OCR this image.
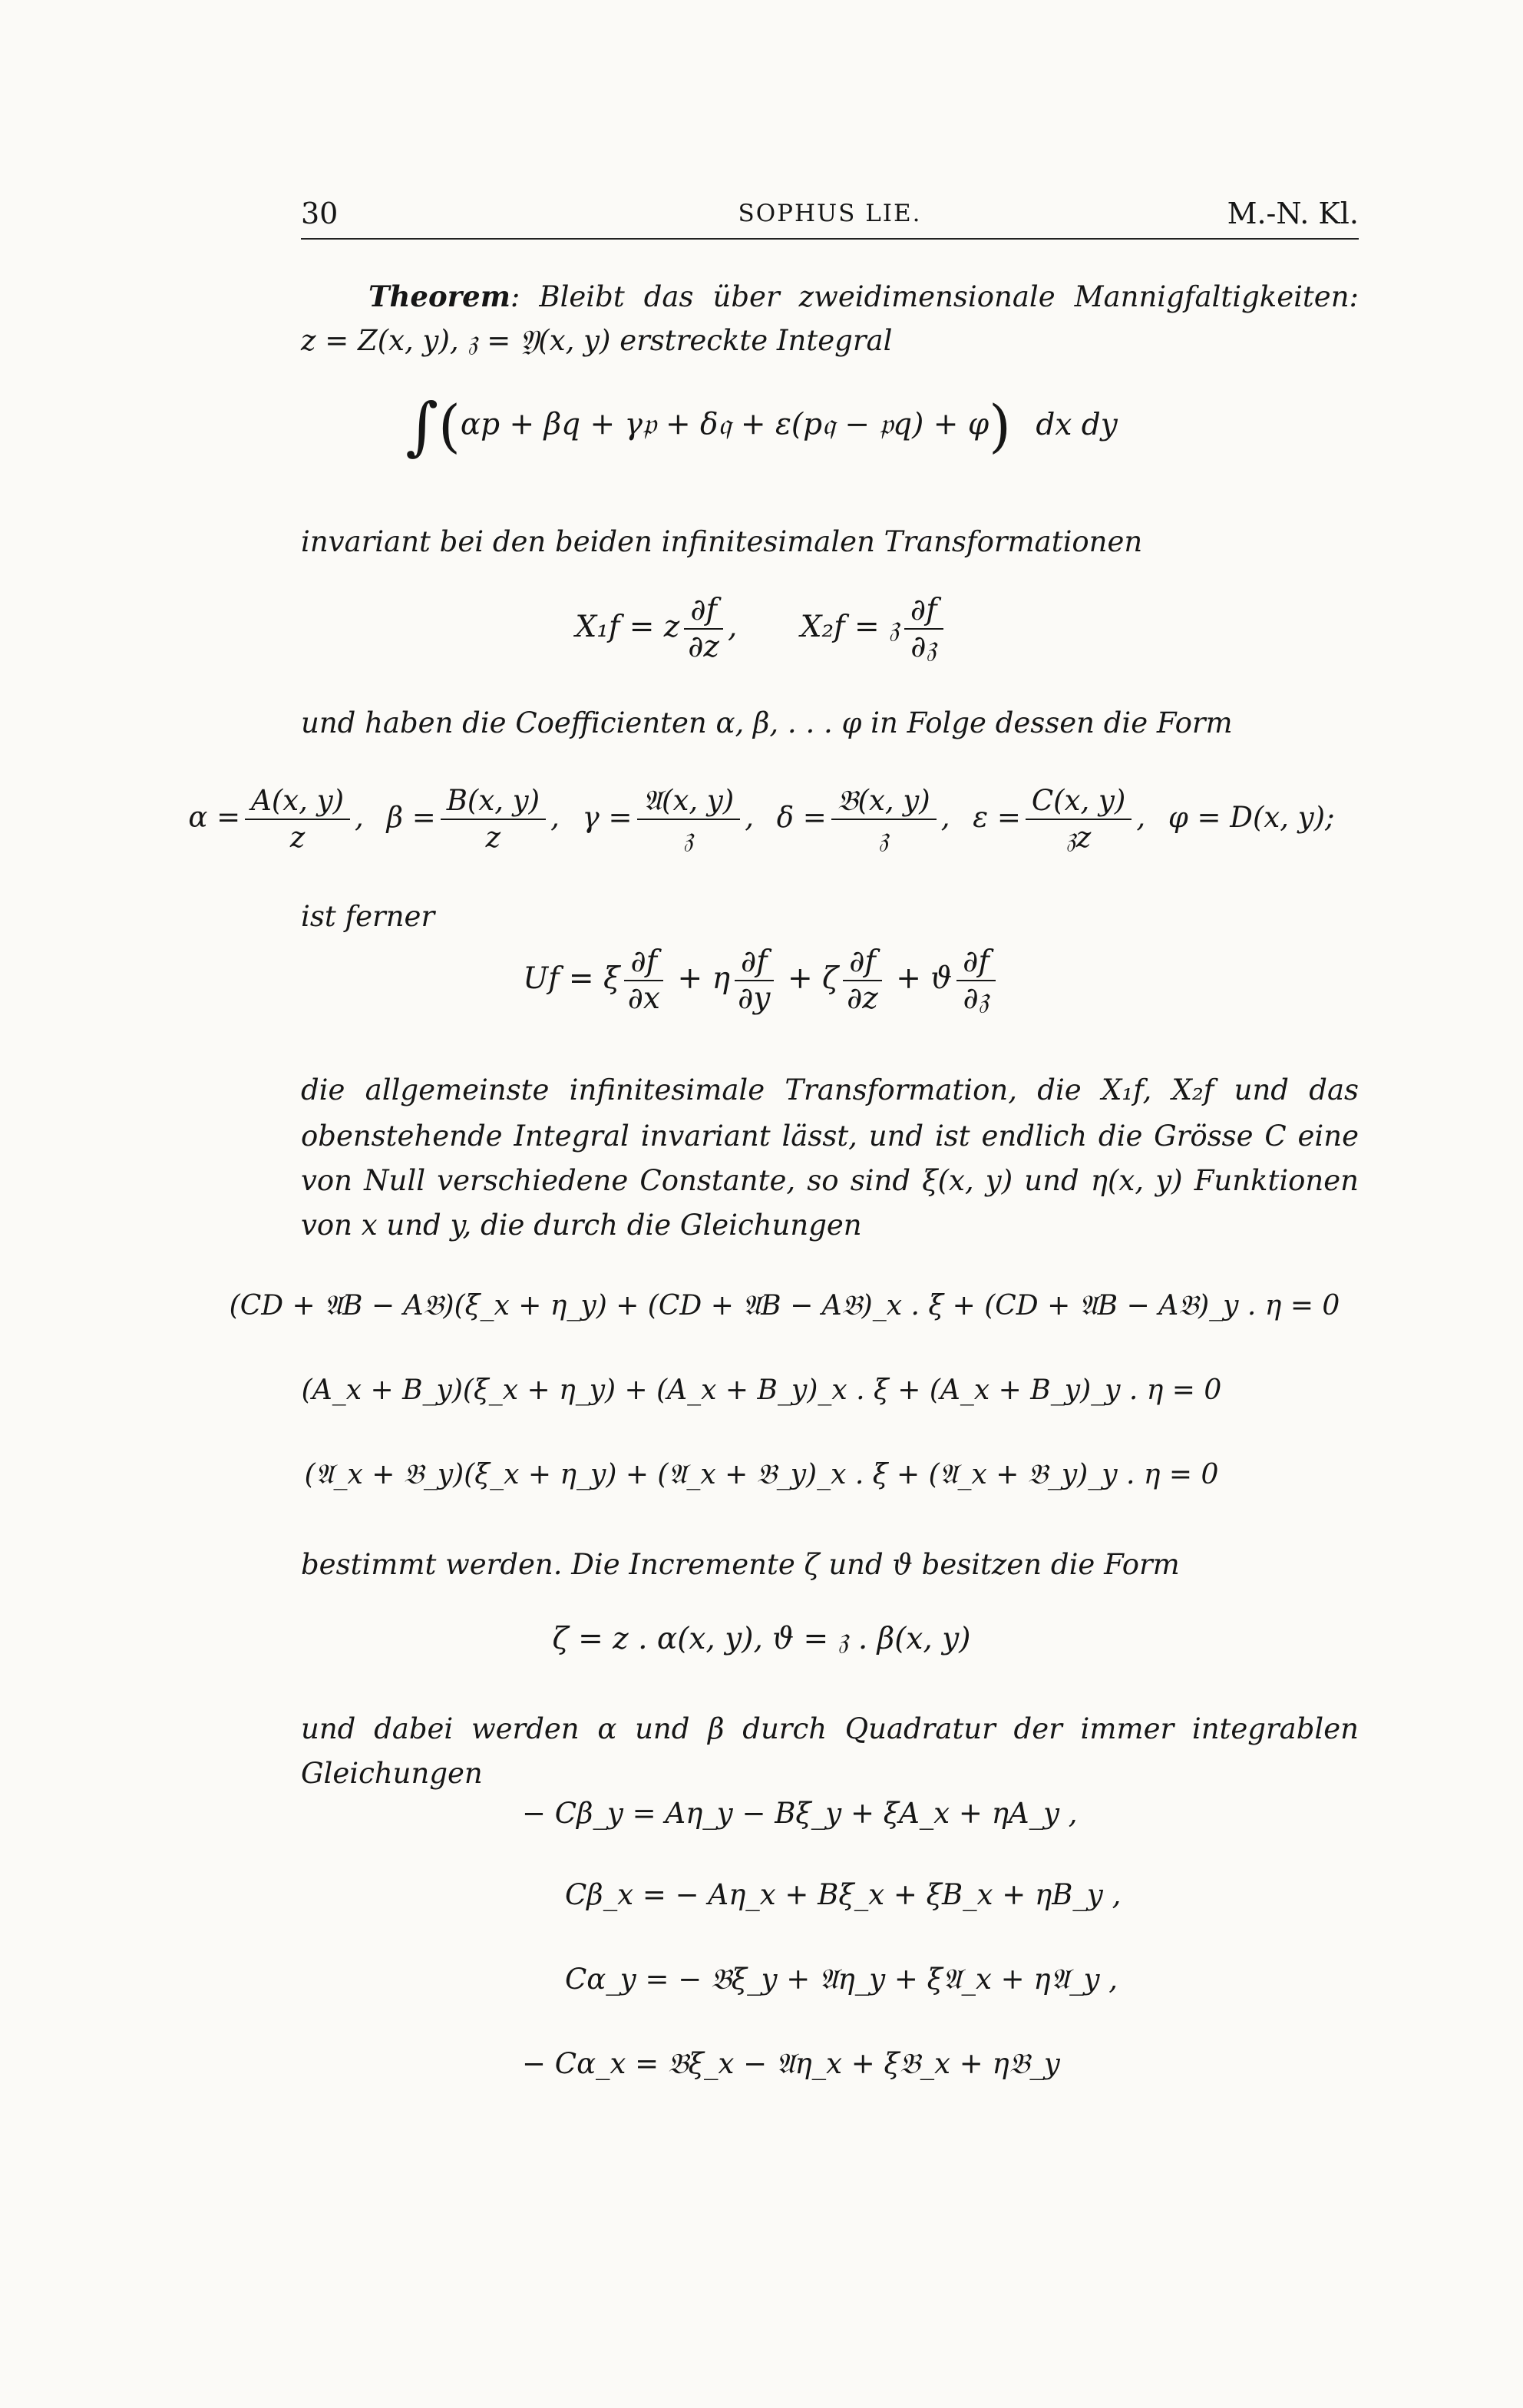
30	SOPHUS LIE.	M.-N. Kl.
Theorem: Bleibt das über zweidimensionale Mannigfaltigkeiten:
z = Z(x, y), 𝔷 = 𝔜(x, y) erstreckte Integral
∫(αp + βq + γ𝔭 + δ𝔮 + ε(p𝔮 − 𝔭q) + φ) dx dy
invariant bei den beiden infinitesimalen Transformationen
X₁f = z $\frac{\partial f}{\partial z}$ , X₂f = 𝔷 ∂f
∂𝔷
und haben die Coefficienten α, β, . . . φ in Folge dessen die Form
$\alpha = \frac{A(x, y)}{z}$ , $\beta = \frac{B(x, y)}{z}$ , γ = 𝔄(x, y)
𝔷
, δ = 𝔅(x, y)
𝔷
, ε = C(x, y)
𝔷z
, φ = D(x, y);
ist ferner
Uf = ξ $\frac{\partial f}{\partial x} + \eta \frac{\partial f}{\partial y} + \zeta \frac{\partial f}{\partial z} + ϑ$ ∂f
∂𝔷
die allgemeinste infinitesimale Transformation, die X₁f, X₂f und das
obenstehende Integral invariant lässt, und ist endlich die Grösse C eine
von Null verschiedene Constante, so sind ξ(x, y) und η(x, y) Funktionen
von x und y, die durch die Gleichungen
(CD + 𝔄B − A𝔅)(ξ_x + η_y) + (CD + 𝔄B − A𝔅)_x . ξ + (CD + 𝔄B − A𝔅)_y . η = 0
(A_x + B_y)(ξ_x + η_y) + (A_x + B_y)_x . ξ + (A_x + B_y)_y . η = 0
(𝔄_x + 𝔅_y)(ξ_x + η_y) + (𝔄_x + 𝔅_y)_x . ξ + (𝔄_x + 𝔅_y)_y . η = 0
bestimmt werden. Die Incremente ζ und ϑ besitzen die Form
ζ = z . α(x, y), ϑ = 𝔷 . β(x, y)
und dabei werden α und β durch Quadratur der immer integrablen
Gleichungen
− Cβ_y = Aη_y − Bξ_y + ξA_x + ηA_y ,
Cβ_x = − Aη_x + Bξ_x + ξB_x + ηB_y ,
Cα_y = − 𝔅ξ_y + 𝔄η_y + ξ𝔄_x + η𝔄_y ,
− Cα_x = 𝔅ξ_x − 𝔄η_x + ξ𝔅_x + η𝔅_y
